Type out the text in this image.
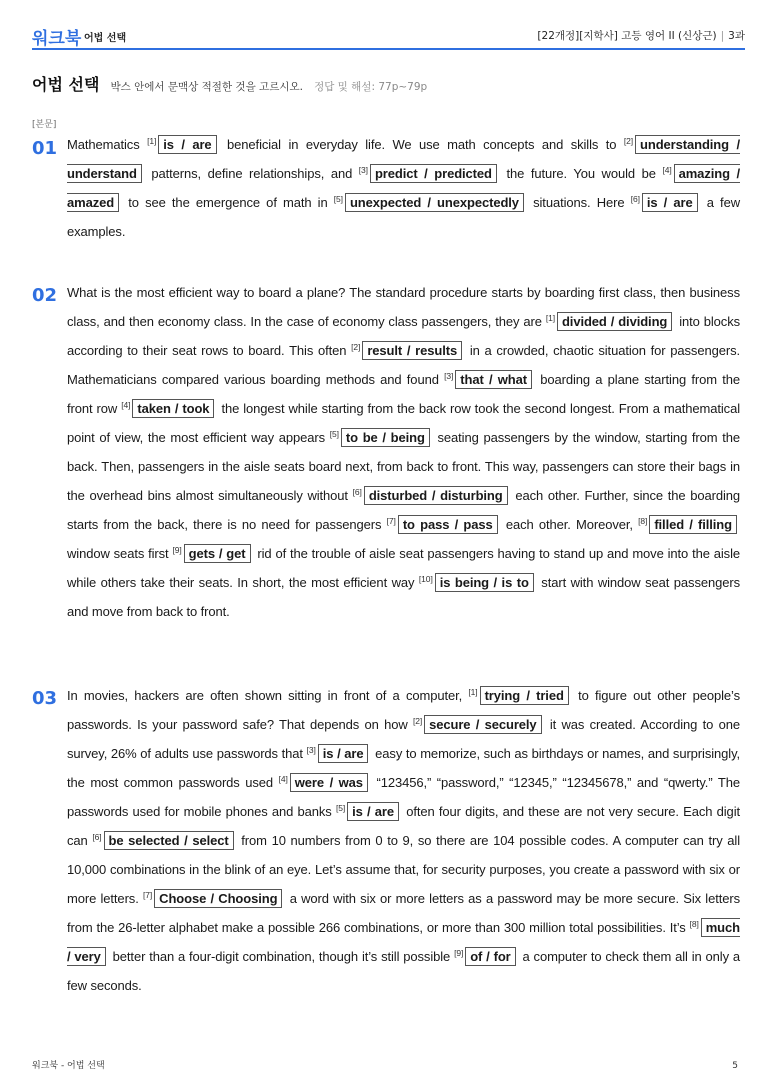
워크북 어법 선택	[22개정][지학사] 고등 영어 II (신상근) | 3과
어법 선택 박스 안에서 문맥상 적절한 것을 고르시오. 정답 및 해설: 77p~79p
[본문]
01 Mathematics [1] is / are beneficial in everyday life. We use math concepts and skills to [2] understanding / understand patterns, define relationships, and [3] predict / predicted the future. You would be [4] amazing / amazed to see the emergence of math in [5] unexpected / unexpectedly situations. Here [6] is / are a few examples.
02 What is the most efficient way to board a plane? The standard procedure starts by boarding first class, then business class, and then economy class. In the case of economy class passengers, they are [1] divided / dividing into blocks according to their seat rows to board. This often [2] result / results in a crowded, chaotic situation for passengers. Mathematicians compared various boarding methods and found [3] that / what boarding a plane starting from the front row [4] taken / took the longest while starting from the back row took the second longest. From a mathematical point of view, the most efficient way appears [5] to be / being seating passengers by the window, starting from the back. Then, passengers in the aisle seats board next, from back to front. This way, passengers can store their bags in the overhead bins almost simultaneously without [6] disturbed / disturbing each other. Further, since the boarding starts from the back, there is no need for passengers [7] to pass / pass each other. Moreover, [8] filled / filling window seats first [9] gets / get rid of the trouble of aisle seat passengers having to stand up and move into the aisle while others take their seats. In short, the most efficient way [10] is being / is to start with window seat passengers and move from back to front.
03 In movies, hackers are often shown sitting in front of a computer, [1] trying / tried to figure out other people’s passwords. Is your password safe? That depends on how [2] secure / securely it was created. According to one survey, 26% of adults use passwords that [3] is / are easy to memorize, such as birthdays or names, and surprisingly, the most common passwords used [4] were / was “123456,” “password,” “12345,” “12345678,” and “qwerty.” The passwords used for mobile phones and banks [5] is / are often four digits, and these are not very secure. Each digit can [6] be selected / select from 10 numbers from 0 to 9, so there are 104 possible codes. A computer can try all 10,000 combinations in the blink of an eye. Let’s assume that, for security purposes, you create a password with six or more letters. [7] Choose / Choosing a word with six or more letters as a password may be more secure. Six letters from the 26-letter alphabet make a possible 266 combinations, or more than 300 million total possibilities. It’s [8] much / very better than a four-digit combination, though it’s still possible [9] of / for a computer to check them all in only a few seconds.
워크북 - 어법 선택	5
